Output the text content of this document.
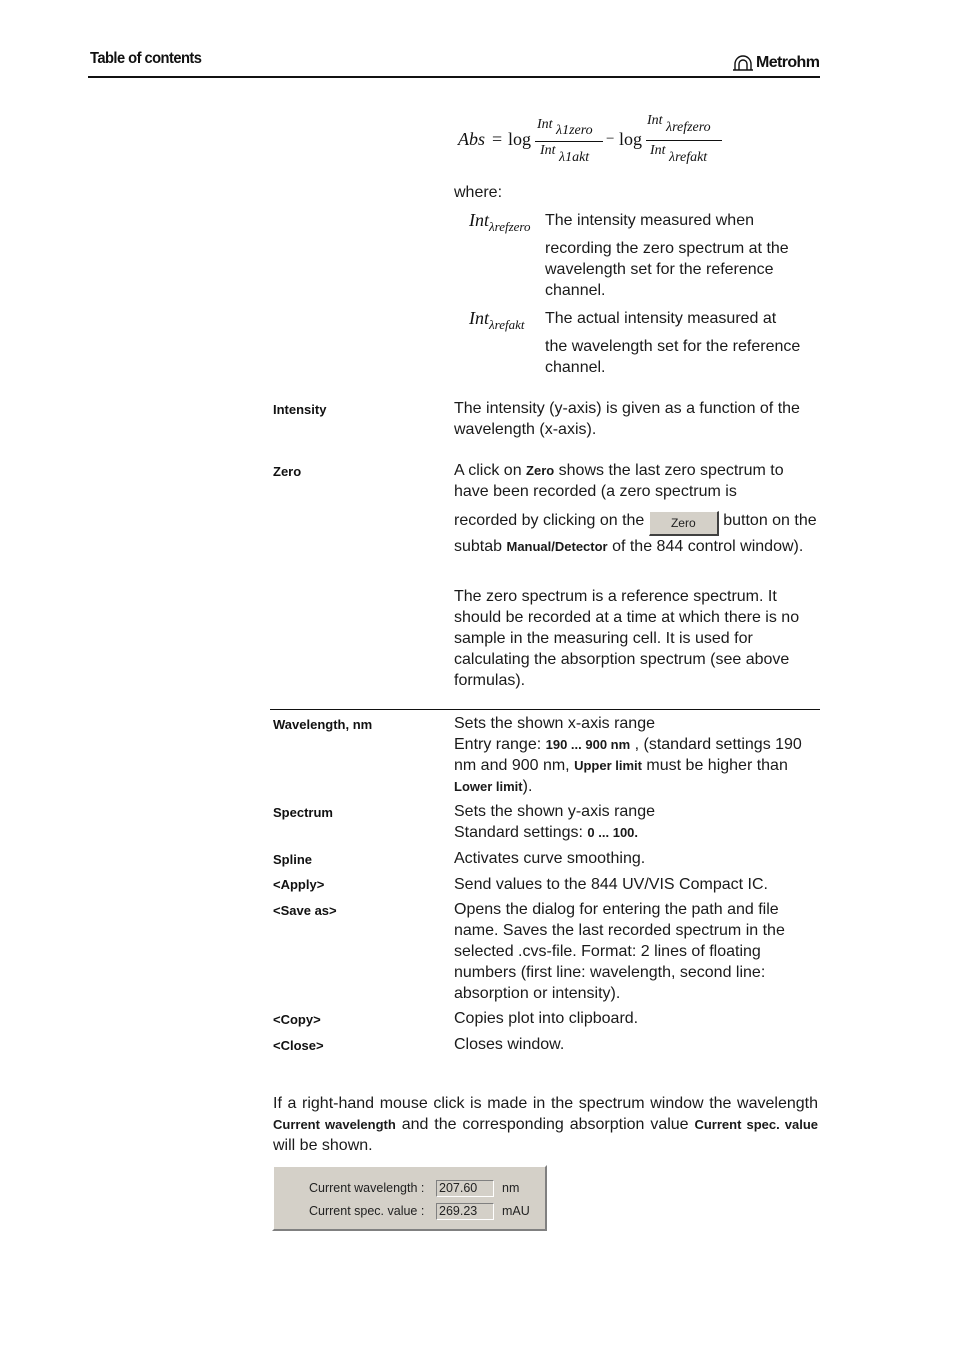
Table of contents	Metrohm
Abs = log
Int λ1zero
Int λ1akt
− log
Int λrefzero
Int λrefakt
where:
Int$_{\lambda refzero}$ The intensity measured when
recording the zero spectrum at the wavelength set for the reference channel.
Int$_{\lambda refakt}$ The actual intensity measured at
the wavelength set for the reference channel.
Intensity	The intensity (y-axis) is given as a function of the wavelength (x-axis).
Zero	A click on Zero shows the last zero spectrum to have been recorded (a zero spectrum is
recorded by clicking on the Zero button on the subtab Manual/Detector of the 844 control window).
The zero spectrum is a reference spectrum. It should be recorded at a time at which there is no sample in the measuring cell. It is used for calculating the absorption spectrum (see above formulas).
Wavelength, nm	Sets the shown x-axis range
Entry range: 190 ... 900 nm , (standard settings 190 nm and 900 nm, Upper limit must be higher than Lower limit).
Spectrum	Sets the shown y-axis range
Standard settings: 0 ... 100.
Spline	Activates curve smoothing.
<Apply>	Send values to the 844 UV/VIS Compact IC.
<Save as>	Opens the dialog for entering the path and file name. Saves the last recorded spectrum in the selected .cvs-file. Format: 2 lines of floating numbers (first line: wavelength, second line: absorption or intensity).
<Copy>	Copies plot into clipboard.
<Close>	Closes window.
If a right-hand mouse click is made in the spectrum window the wavelength Current wavelength and the corresponding absorption value Current spec. value will be shown.
Current wavelength : 207.60	nm
Current spec. value : 269.23	mAU
